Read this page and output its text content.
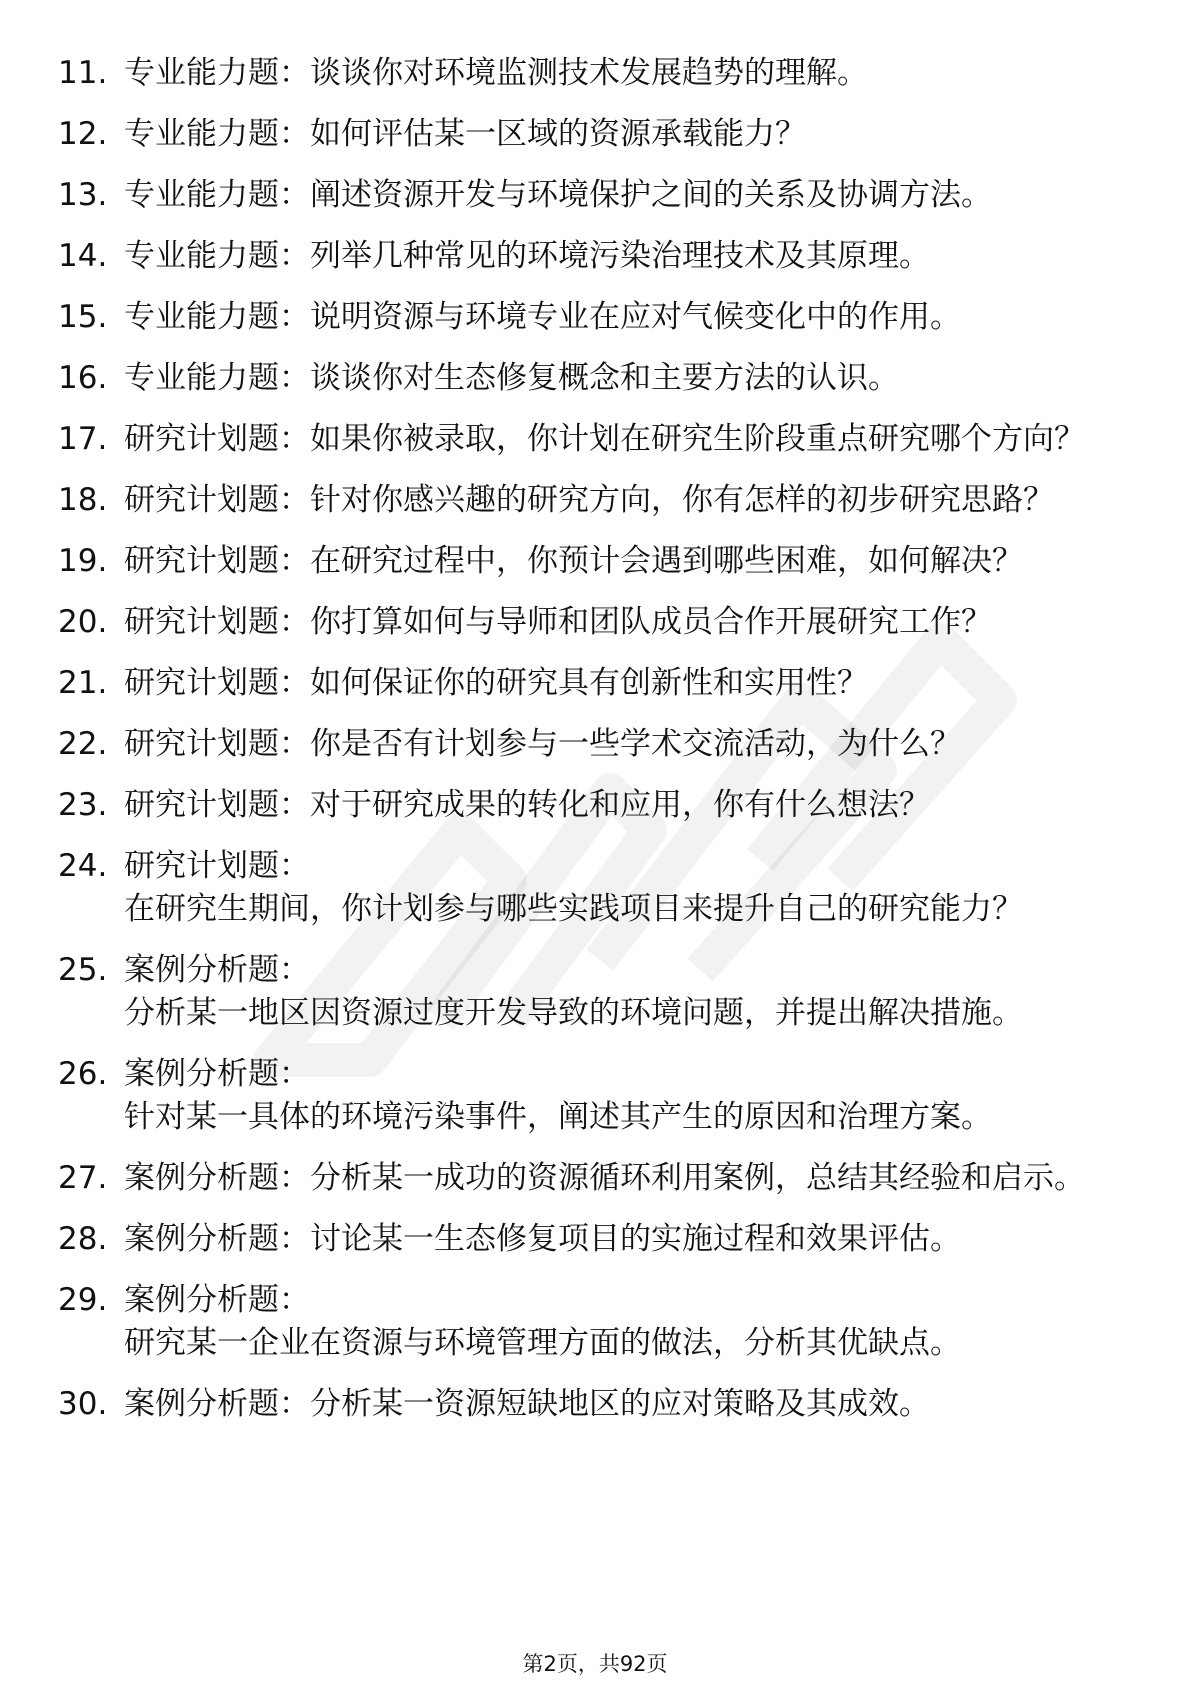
11. 专业能力题： 谈谈你对环境监测技术发展趋势的理解。
12. 专业能力题： 如何评估某一区域的资源承载能力？
13. 专业能力题： 阐述资源开发与环境保护之间的关系及协调方法。
14. 专业能力题： 列举几种常见的环境污染治理技术及其原理。
15. 专业能力题： 说明资源与环境专业在应对气候变化中的作用。
16. 专业能力题： 谈谈你对生态修复概念和主要方法的认识。
17. 研究计划题： 如果你被录取，你计划在研究生阶段重点研究哪个方向？
18. 研究计划题： 针对你感兴趣的研究方向，你有怎样的初步研究思路？
19. 研究计划题： 在研究过程中，你预计会遇到哪些困难，如何解决？
20. 研究计划题： 你打算如何与导师和团队成员合作开展研究工作？
21. 研究计划题： 如何保证你的研究具有创新性和实用性？
22. 研究计划题： 你是否有计划参与一些学术交流活动，为什么？
23. 研究计划题： 对于研究成果的转化和应用，你有什么想法？
24. 研究计划题：
在研究生期间，你计划参与哪些实践项目来提升自己的研究能力？
25. 案例分析题：
分析某一地区因资源过度开发导致的环境问题，并提出解决措施。
26. 案例分析题：
针对某一具体的环境污染事件，阐述其产生的原因和治理方案。
27. 案例分析题： 分析某一成功的资源循环利用案例，总结其经验和启示。
28. 案例分析题： 讨论某一生态修复项目的实施过程和效果评估。
29. 案例分析题：
研究某一企业在资源与环境管理方面的做法，分析其优缺点。
30. 案例分析题： 分析某一资源短缺地区的应对策略及其成效。
第2页，共92页
